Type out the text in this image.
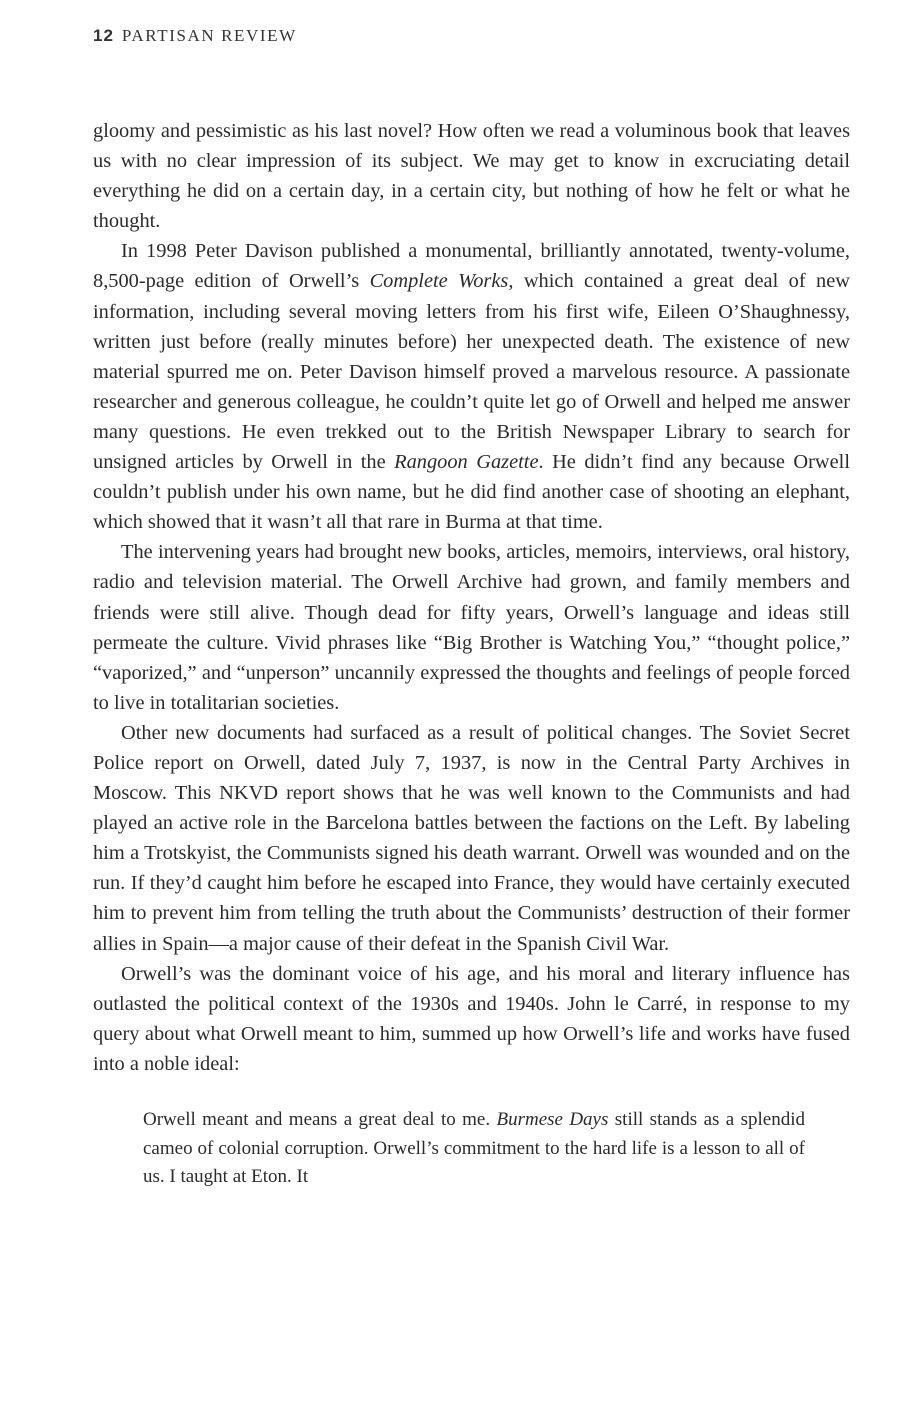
12 PARTISAN REVIEW

gloomy and pessimistic as his last novel? How often we read a voluminous book that leaves us with no clear impression of its subject. We may get to know in excruciating detail everything he did on a certain day, in a certain city, but nothing of how he felt or what he thought.

In 1998 Peter Davison published a monumental, brilliantly annotated, twenty-volume, 8,500-page edition of Orwell’s Complete Works, which contained a great deal of new information, including several moving letters from his first wife, Eileen O’Shaughnessy, written just before (really minutes before) her unexpected death. The existence of new material spurred me on. Peter Davison himself proved a marvelous resource. A passionate researcher and generous colleague, he couldn’t quite let go of Orwell and helped me answer many questions. He even trekked out to the British Newspaper Library to search for unsigned articles by Orwell in the Rangoon Gazette. He didn’t find any because Orwell couldn’t publish under his own name, but he did find another case of shooting an elephant, which showed that it wasn’t all that rare in Burma at that time.

The intervening years had brought new books, articles, memoirs, interviews, oral history, radio and television material. The Orwell Archive had grown, and family members and friends were still alive. Though dead for fifty years, Orwell’s language and ideas still permeate the culture. Vivid phrases like “Big Brother is Watching You,” “thought police,” “vaporized,” and “unperson” uncannily expressed the thoughts and feelings of people forced to live in totalitarian societies.

Other new documents had surfaced as a result of political changes. The Soviet Secret Police report on Orwell, dated July 7, 1937, is now in the Central Party Archives in Moscow. This NKVD report shows that he was well known to the Communists and had played an active role in the Barcelona battles between the factions on the Left. By labeling him a Trotskyist, the Communists signed his death warrant. Orwell was wounded and on the run. If they’d caught him before he escaped into France, they would have certainly executed him to prevent him from telling the truth about the Communists’ destruction of their former allies in Spain—a major cause of their defeat in the Spanish Civil War.

Orwell’s was the dominant voice of his age, and his moral and literary influence has outlasted the political context of the 1930s and 1940s. John le Carré, in response to my query about what Orwell meant to him, summed up how Orwell’s life and works have fused into a noble ideal:

Orwell meant and means a great deal to me. Burmese Days still stands as a splendid cameo of colonial corruption. Orwell’s commitment to the hard life is a lesson to all of us. I taught at Eton. It
